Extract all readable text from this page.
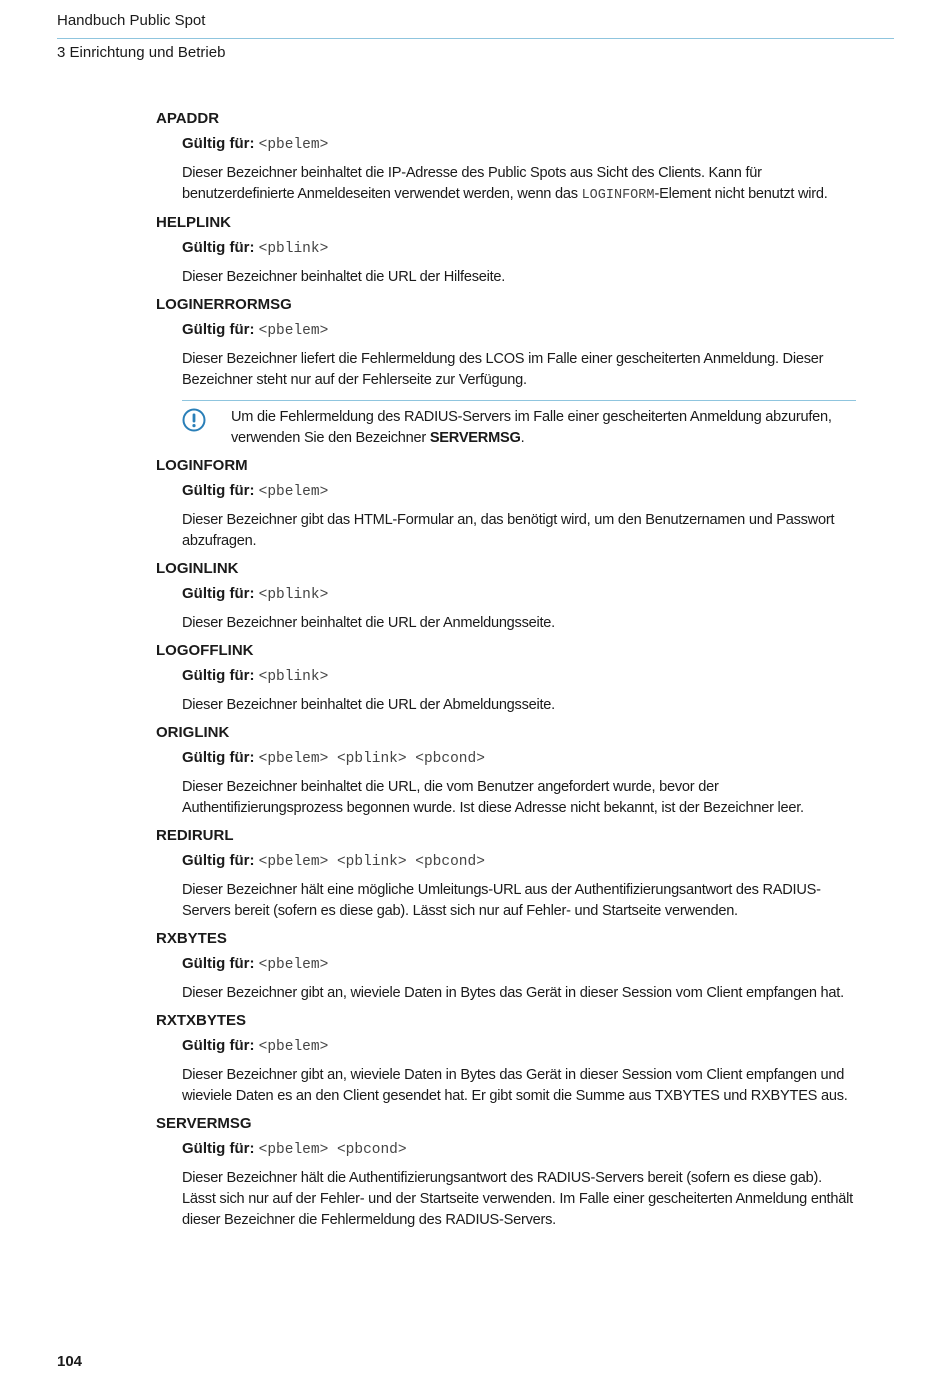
Handbuch Public Spot
3 Einrichtung und Betrieb
APADDR
Gültig für: <pbelem>
Dieser Bezeichner beinhaltet die IP-Adresse des Public Spots aus Sicht des Clients. Kann für benutzerdefinierte Anmeldeseiten verwendet werden, wenn das LOGINFORM-Element nicht benutzt wird.
HELPLINK
Gültig für: <pblink>
Dieser Bezeichner beinhaltet die URL der Hilfeseite.
LOGINERRORMSG
Gültig für: <pbelem>
Dieser Bezeichner liefert die Fehlermeldung des LCOS im Falle einer gescheiterten Anmeldung. Dieser Bezeichner steht nur auf der Fehlerseite zur Verfügung.
Um die Fehlermeldung des RADIUS-Servers im Falle einer gescheiterten Anmeldung abzurufen, verwenden Sie den Bezeichner SERVERMSG.
LOGINFORM
Gültig für: <pbelem>
Dieser Bezeichner gibt das HTML-Formular an, das benötigt wird, um den Benutzernamen und Passwort abzufragen.
LOGINLINK
Gültig für: <pblink>
Dieser Bezeichner beinhaltet die URL der Anmeldungsseite.
LOGOFFLINK
Gültig für: <pblink>
Dieser Bezeichner beinhaltet die URL der Abmeldungsseite.
ORIGLINK
Gültig für: <pbelem> <pblink> <pbcond>
Dieser Bezeichner beinhaltet die URL, die vom Benutzer angefordert wurde, bevor der Authentifizierungsprozess begonnen wurde. Ist diese Adresse nicht bekannt, ist der Bezeichner leer.
REDIRURL
Gültig für: <pbelem> <pblink> <pbcond>
Dieser Bezeichner hält eine mögliche Umleitungs-URL aus der Authentifizierungsantwort des RADIUS-Servers bereit (sofern es diese gab). Lässt sich nur auf Fehler- und Startseite verwenden.
RXBYTES
Gültig für: <pbelem>
Dieser Bezeichner gibt an, wieviele Daten in Bytes das Gerät in dieser Session vom Client empfangen hat.
RXTXBYTES
Gültig für: <pbelem>
Dieser Bezeichner gibt an, wieviele Daten in Bytes das Gerät in dieser Session vom Client empfangen und wieviele Daten es an den Client gesendet hat. Er gibt somit die Summe aus TXBYTES und RXBYTES aus.
SERVERMSG
Gültig für: <pbelem> <pbcond>
Dieser Bezeichner hält die Authentifizierungsantwort des RADIUS-Servers bereit (sofern es diese gab). Lässt sich nur auf der Fehler- und der Startseite verwenden. Im Falle einer gescheiterten Anmeldung enthält dieser Bezeichner die Fehlermeldung des RADIUS-Servers.
104
